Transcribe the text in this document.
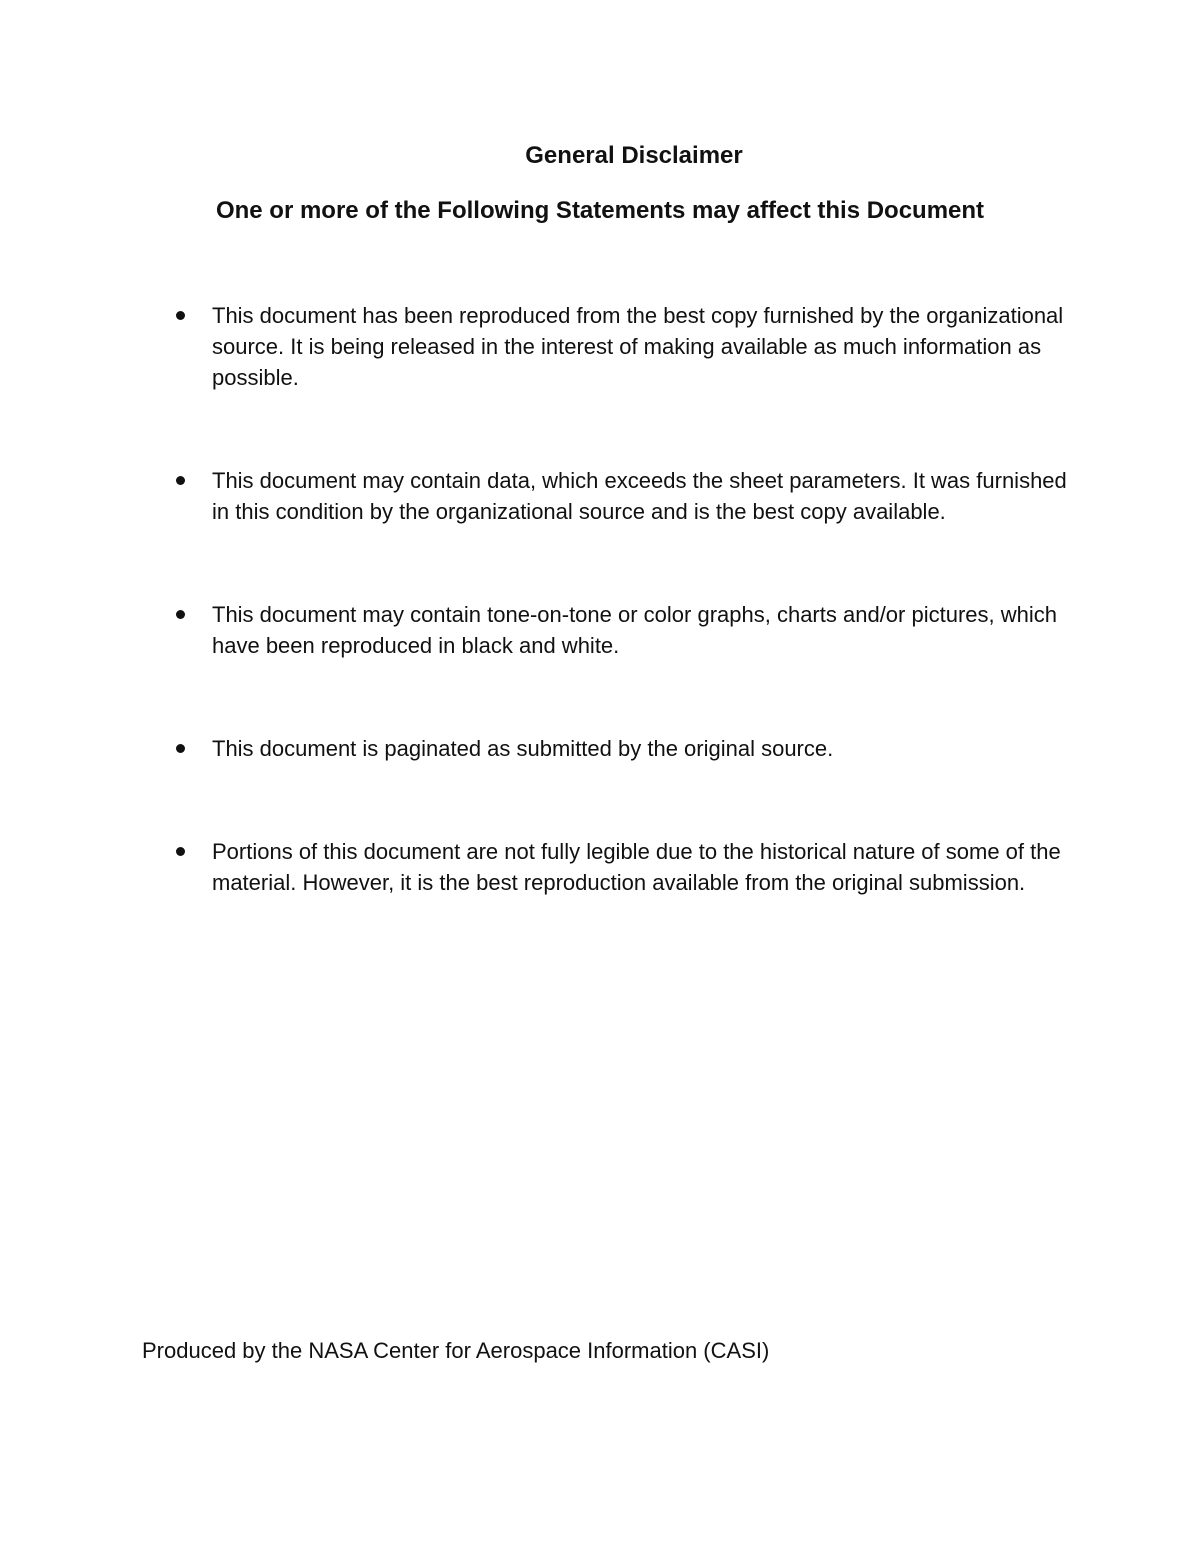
General Disclaimer
One or more of the Following Statements may affect this Document
This document has been reproduced from the best copy furnished by the organizational source. It is being released in the interest of making available as much information as possible.
This document may contain data, which exceeds the sheet parameters. It was furnished in this condition by the organizational source and is the best copy available.
This document may contain tone-on-tone or color graphs, charts and/or pictures, which have been reproduced in black and white.
This document is paginated as submitted by the original source.
Portions of this document are not fully legible due to the historical nature of some of the material. However, it is the best reproduction available from the original submission.

Produced by the NASA Center for Aerospace Information (CASI)
